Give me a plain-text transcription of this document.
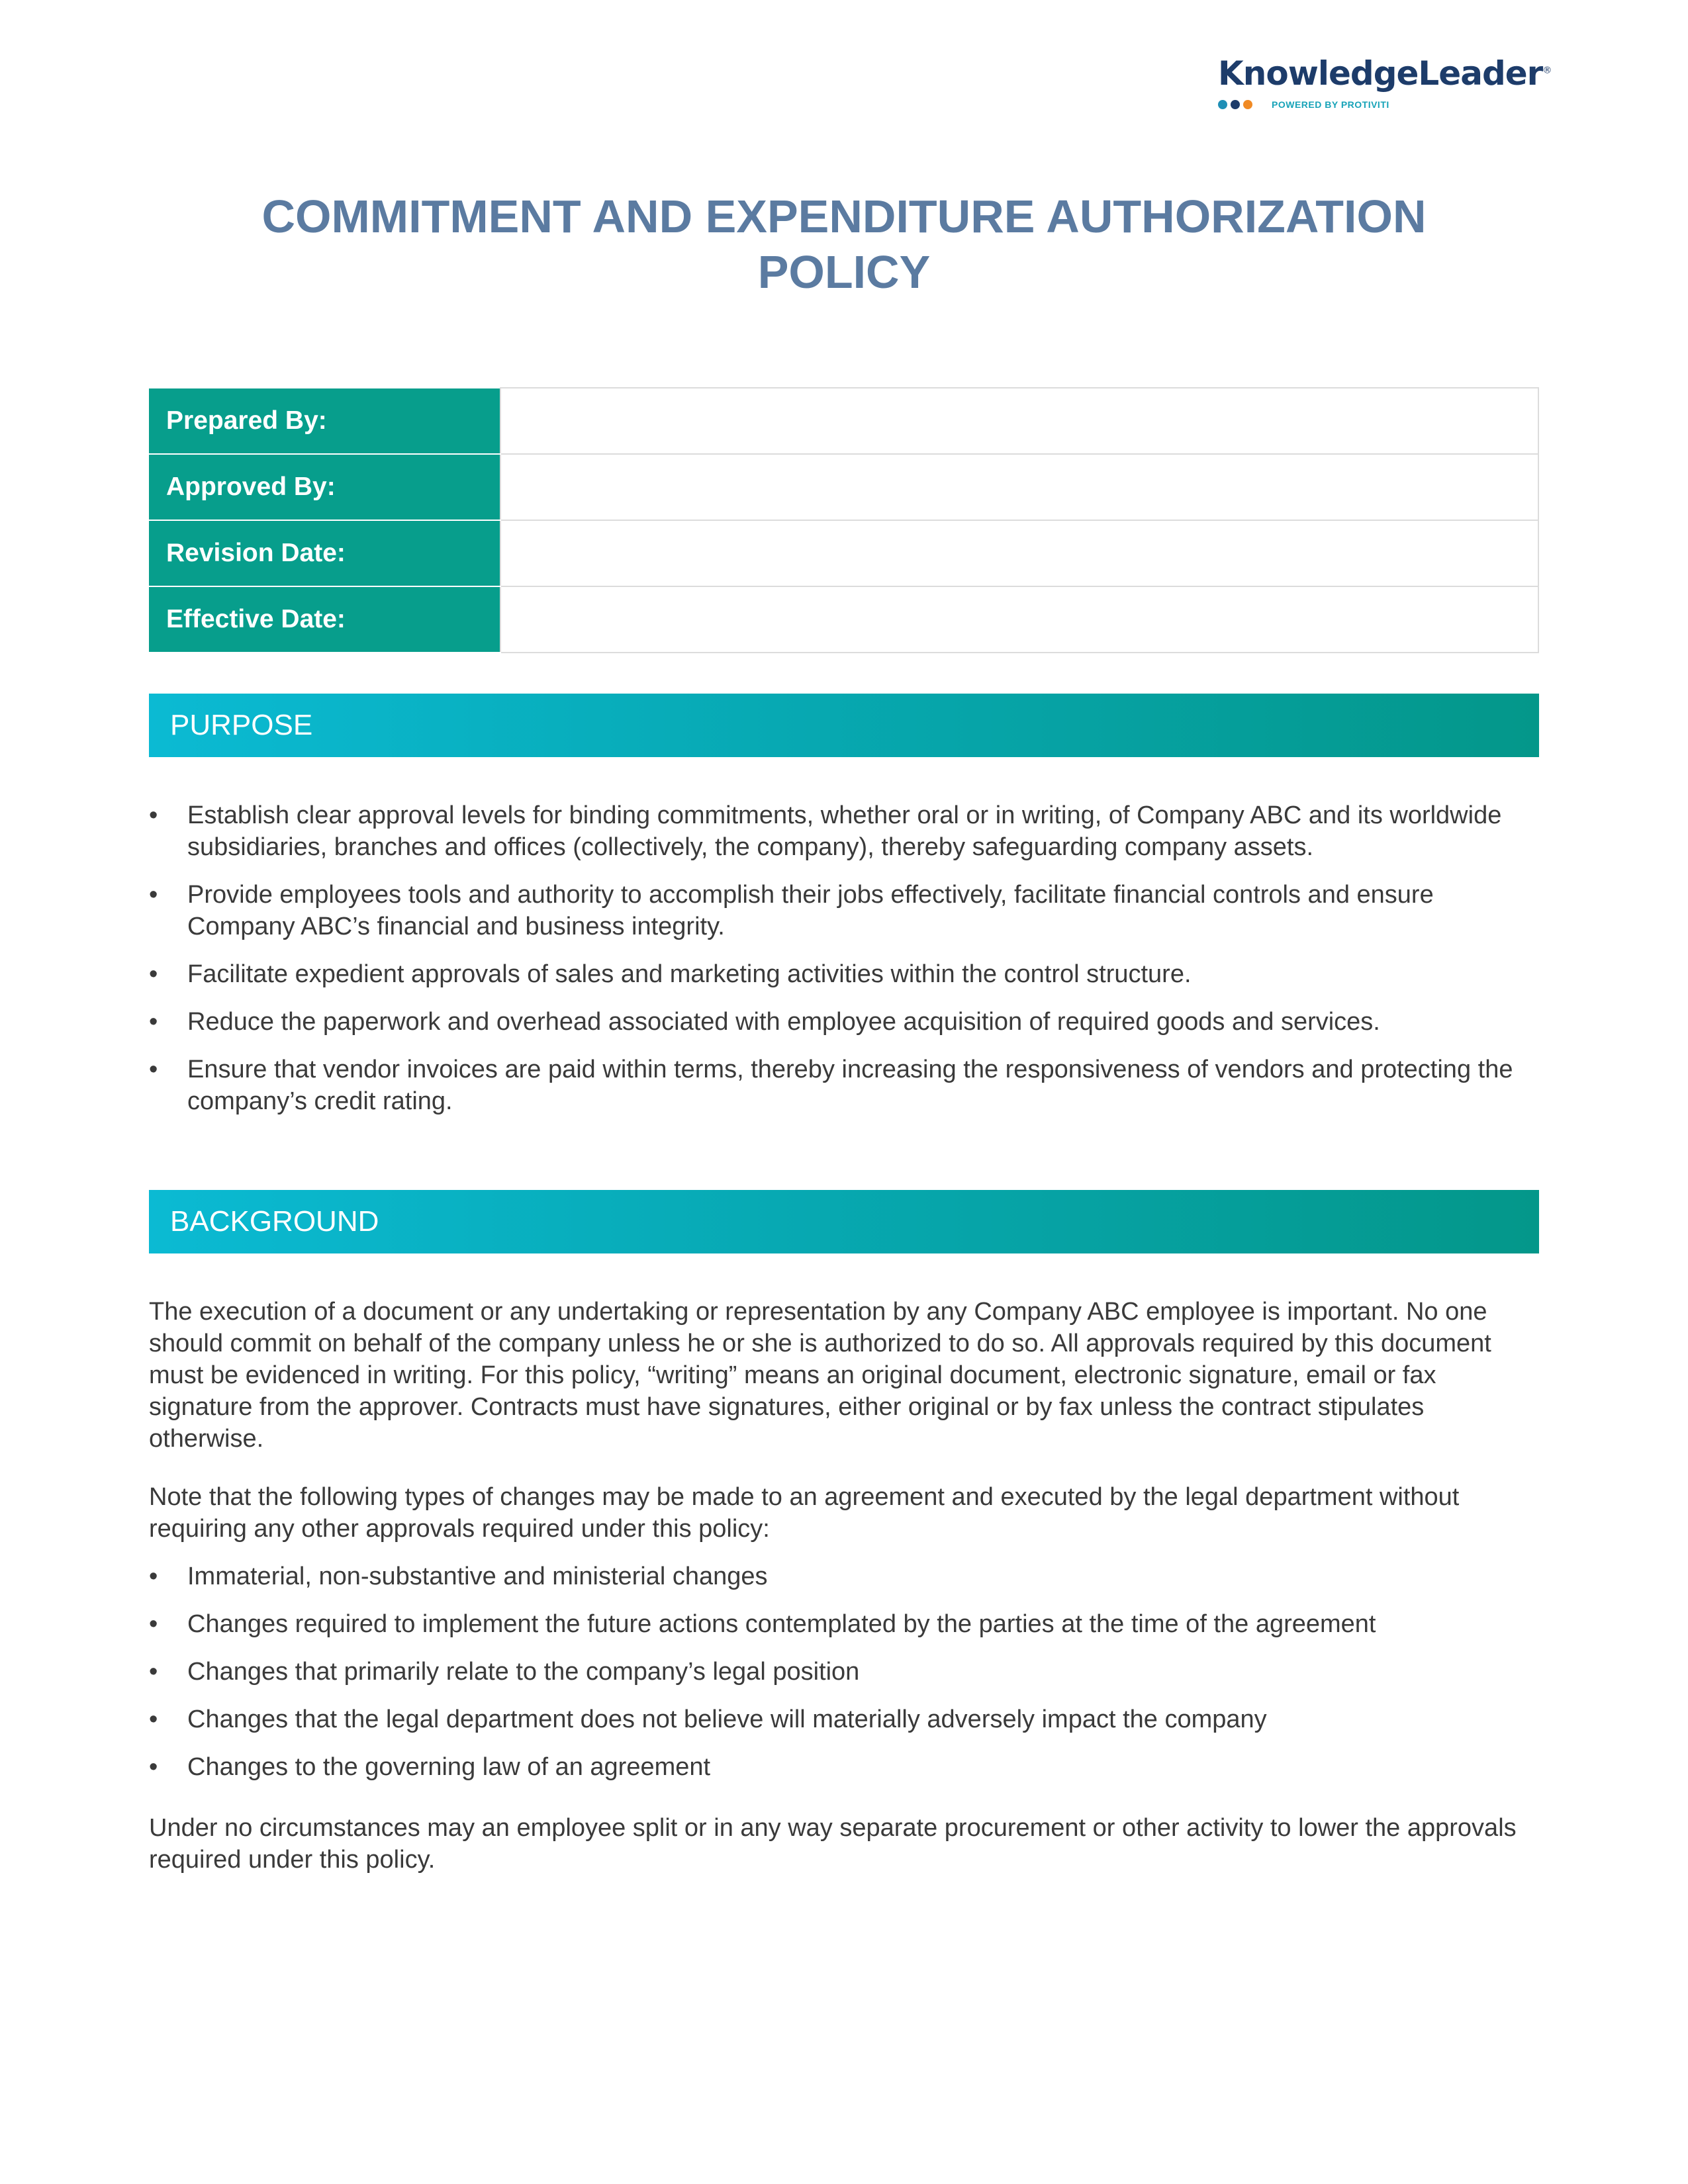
KnowledgeLeader®
POWERED BY PROTIVITI
COMMITMENT AND EXPENDITURE AUTHORIZATION
POLICY
Prepared By:	
Approved By:	
Revision Date:	
Effective Date:	
PURPOSE
• Establish clear approval levels for binding commitments, whether oral or in writing, of Company ABC and its worldwide subsidiaries, branches and offices (collectively, the company), thereby safeguarding company assets.
• Provide employees tools and authority to accomplish their jobs effectively, facilitate financial controls and ensure Company ABC’s financial and business integrity.
• Facilitate expedient approvals of sales and marketing activities within the control structure.
• Reduce the paperwork and overhead associated with employee acquisition of required goods and services.
• Ensure that vendor invoices are paid within terms, thereby increasing the responsiveness of vendors and protecting the company’s credit rating.
BACKGROUND

The execution of a document or any undertaking or representation by any Company ABC employee is important. No one should commit on behalf of the company unless he or she is authorized to do so. All approvals required by this document must be evidenced in writing. For this policy, “writing” means an original document, electronic signature, email or fax signature from the approver. Contracts must have signatures, either original or by fax unless the contract stipulates otherwise.

Note that the following types of changes may be made to an agreement and executed by the legal department without requiring any other approvals required under this policy:

• Immaterial, non-substantive and ministerial changes
• Changes required to implement the future actions contemplated by the parties at the time of the agreement
• Changes that primarily relate to the company’s legal position
• Changes that the legal department does not believe will materially adversely impact the company
• Changes to the governing law of an agreement

Under no circumstances may an employee split or in any way separate procurement or other activity to lower the approvals required under this policy.
